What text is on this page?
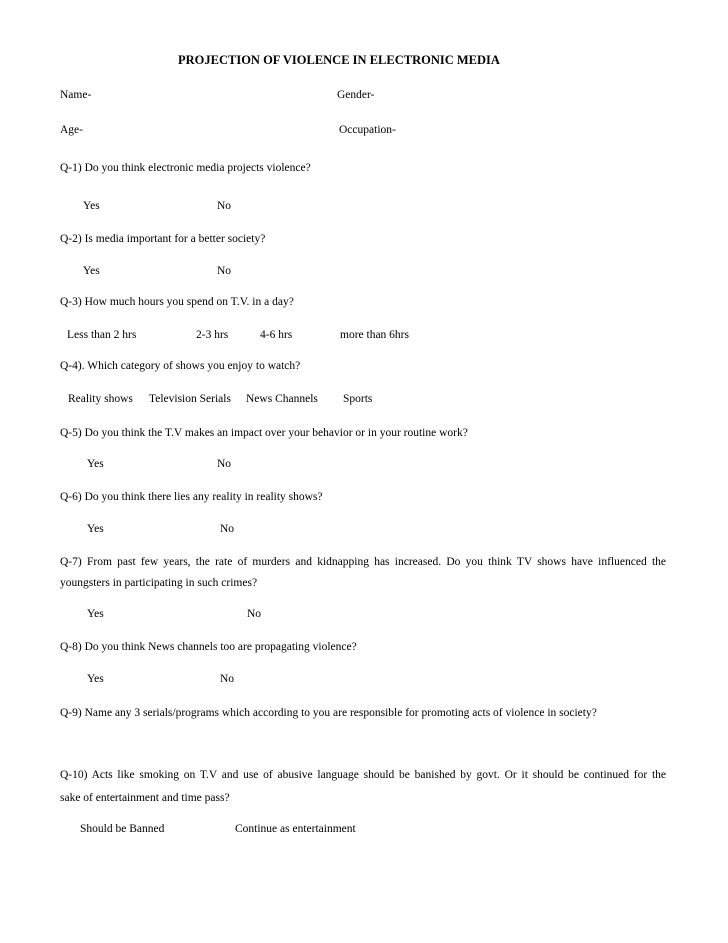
PROJECTION OF VIOLENCE IN ELECTRONIC MEDIA
Name-	Gender-
Age-	Occupation-
Q-1) Do you think electronic media projects violence?
Yes	No
Q-2) Is media important for a better society?
Yes	No
Q-3) How much hours you spend on T.V. in a day?
Less than 2 hrs	2-3 hrs	4-6 hrs	more than 6hrs
Q-4). Which category of shows you enjoy to watch?
Reality shows Television Serials News Channels Sports
Q-5) Do you think the T.V makes an impact over your behavior or in your routine work?
Yes	No
Q-6) Do you think there lies any reality in reality shows?
Yes	No
Q-7) From past few years, the rate of murders and kidnapping has increased. Do you think TV shows have influenced the
youngsters in participating in such crimes?
Yes	No
Q-8) Do you think News channels too are propagating violence?
Yes	No
Q-9) Name any 3 serials/programs which according to you are responsible for promoting acts of violence in society?
Q-10) Acts like smoking on T.V and use of abusive language should be banished by govt. Or it should be continued for the
sake of entertainment and time pass?
Should be Banned	Continue as entertainment
